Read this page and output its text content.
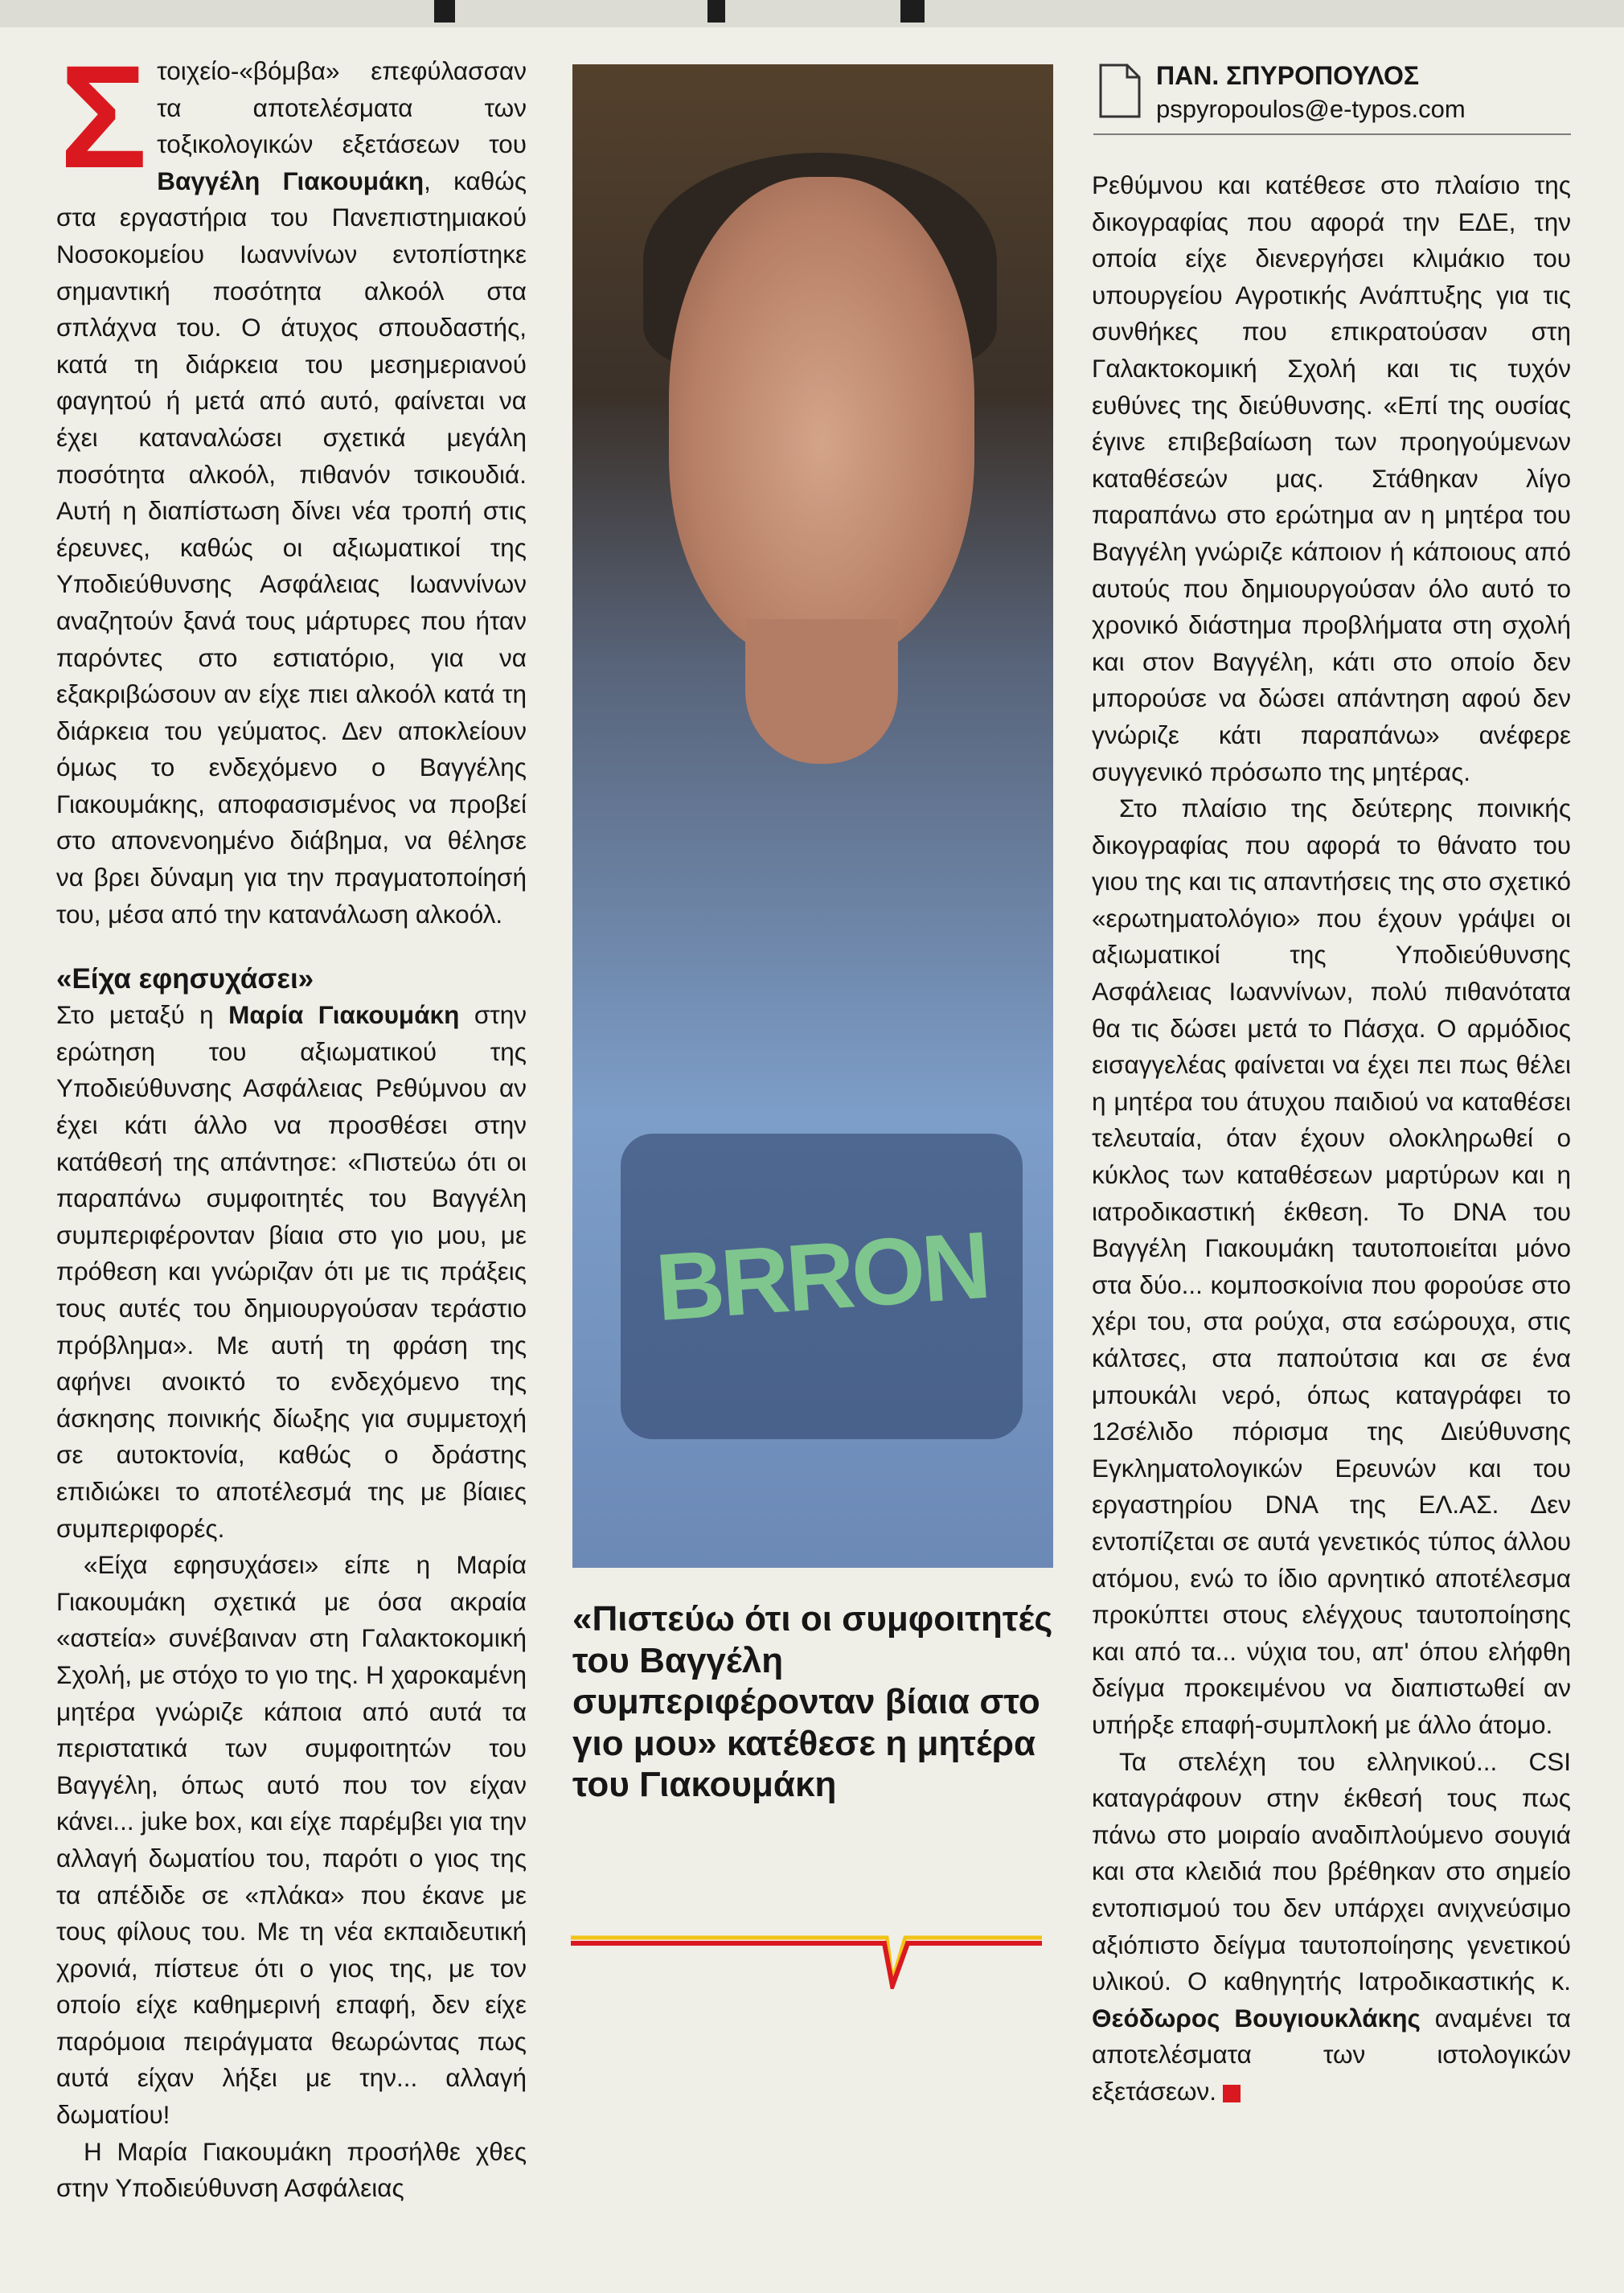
Στοιχείο-«βόμβα» επεφύλασσαν τα αποτελέσματα των τοξικολογικών εξετάσεων του Βαγγέλη Γιακουμάκη, καθώς στα εργαστήρια του Πανεπιστημιακού Νοσοκομείου Ιωαννίνων εντοπίστηκε σημαντική ποσότητα αλκοόλ στα σπλάχνα του. Ο άτυχος σπουδαστής, κατά τη διάρκεια του μεσημεριανού φαγητού ή μετά από αυτό, φαίνεται να έχει καταναλώσει σχετικά μεγάλη ποσότητα αλκοόλ, πιθανόν τσικουδιά. Αυτή η διαπίστωση δίνει νέα τροπή στις έρευνες, καθώς οι αξιωματικοί της Υποδιεύθυνσης Ασφάλειας Ιωαννίνων αναζητούν ξανά τους μάρτυρες που ήταν παρόντες στο εστιατόριο, για να εξακριβώσουν αν είχε πιει αλκοόλ κατά τη διάρκεια του γεύματος. Δεν αποκλείουν όμως το ενδεχόμενο ο Βαγγέλης Γιακουμάκης, αποφασισμένος να προβεί στο απονενοημένο διάβημα, να θέλησε να βρει δύναμη για την πραγματοποίησή του, μέσα από την κατανάλωση αλκοόλ.

«Είχα εφησυχάσει»

Στο μεταξύ η Μαρία Γιακουμάκη στην ερώτηση του αξιωματικού της Υποδιεύθυνσης Ασφάλειας Ρεθύμνου αν έχει κάτι άλλο να προσθέσει στην κατάθεσή της απάντησε: «Πιστεύω ότι οι παραπάνω συμφοιτητές του Βαγγέλη συμπεριφέρονταν βίαια στο γιο μου, με πρόθεση και γνώριζαν ότι με τις πράξεις τους αυτές του δημιουργούσαν τεράστιο πρόβλημα». Με αυτή τη φράση της αφήνει ανοικτό το ενδεχόμενο της άσκησης ποινικής δίωξης για συμμετοχή σε αυτοκτονία, καθώς ο δράστης επιδιώκει το αποτέλεσμά της με βίαιες συμπεριφορές.

«Είχα εφησυχάσει» είπε η Μαρία Γιακουμάκη σχετικά με όσα ακραία «αστεία» συνέβαιναν στη Γαλακτοκομική Σχολή, με στόχο το γιο της. Η χαροκαμένη μητέρα γνώριζε κάποια από αυτά τα περιστατικά των συμφοιτητών του Βαγγέλη, όπως αυτό που τον είχαν κάνει... juke box, και είχε παρέμβει για την αλλαγή δωματίου του, παρότι ο γιος της τα απέδιδε σε «πλάκα» που έκανε με τους φίλους του. Με τη νέα εκπαιδευτική χρονιά, πίστευε ότι ο γιος της, με τον οποίο είχε καθημερινή επαφή, δεν είχε παρόμοια πειράγματα θεωρώντας πως αυτά είχαν λήξει με την... αλλαγή δωματίου!

Η Μαρία Γιακουμάκη προσήλθε χθες στην Υποδιεύθυνση Ασφάλειας

BRRON
«Πιστεύω ότι οι συμφοιτητές του Βαγγέλη συμπεριφέρονταν βίαια στο γιο μου» κατέθεσε η μητέρα του Γιακουμάκη
ΠΑΝ. ΣΠΥΡΟΠΟΥΛΟΣ
pspyropoulos@e-typos.com

Ρεθύμνου και κατέθεσε στο πλαίσιο της δικογραφίας που αφορά την ΕΔΕ, την οποία είχε διενεργήσει κλιμάκιο του υπουργείου Αγροτικής Ανάπτυξης για τις συνθήκες που επικρατούσαν στη Γαλακτοκομική Σχολή και τις τυχόν ευθύνες της διεύθυνσης. «Επί της ουσίας έγινε επιβεβαίωση των προηγούμενων καταθέσεών μας. Στάθηκαν λίγο παραπάνω στο ερώτημα αν η μητέρα του Βαγγέλη γνώριζε κάποιον ή κάποιους από αυτούς που δημιουργούσαν όλο αυτό το χρονικό διάστημα προβλήματα στη σχολή και στον Βαγγέλη, κάτι στο οποίο δεν μπορούσε να δώσει απάντηση αφού δεν γνώριζε κάτι παραπάνω» ανέφερε συγγενικό πρόσωπο της μητέρας.

Στο πλαίσιο της δεύτερης ποινικής δικογραφίας που αφορά το θάνατο του γιου της και τις απαντήσεις της στο σχετικό «ερωτηματολόγιο» που έχουν γράψει οι αξιωματικοί της Υποδιεύθυνσης Ασφάλειας Ιωαννίνων, πολύ πιθανότατα θα τις δώσει μετά το Πάσχα. Ο αρμόδιος εισαγγελέας φαίνεται να έχει πει πως θέλει η μητέρα του άτυχου παιδιού να καταθέσει τελευταία, όταν έχουν ολοκληρωθεί ο κύκλος των καταθέσεων μαρτύρων και η ιατροδικαστική έκθεση. Το DNA του Βαγγέλη Γιακουμάκη ταυτοποιείται μόνο στα δύο... κομποσκοίνια που φορούσε στο χέρι του, στα ρούχα, στα εσώρουχα, στις κάλτσες, στα παπούτσια και σε ένα μπουκάλι νερό, όπως καταγράφει το 12σέλιδο πόρισμα της Διεύθυνσης Εγκληματολογικών Ερευνών και του εργαστηρίου DNA της ΕΛ.ΑΣ. Δεν εντοπίζεται σε αυτά γενετικός τύπος άλλου ατόμου, ενώ το ίδιο αρνητικό αποτέλεσμα προκύπτει στους ελέγχους ταυτοποίησης και από τα... νύχια του, απ' όπου ελήφθη δείγμα προκειμένου να διαπιστωθεί αν υπήρξε επαφή-συμπλοκή με άλλο άτομο.

Τα στελέχη του ελληνικού... CSI καταγράφουν στην έκθεσή τους πως πάνω στο μοιραίο αναδιπλούμενο σουγιά και στα κλειδιά που βρέθηκαν στο σημείο εντοπισμού του δεν υπάρχει ανιχνεύσιμο αξιόπιστο δείγμα ταυτοποίησης γενετικού υλικού. Ο καθηγητής Ιατροδικαστικής κ. Θεόδωρος Βουγιουκλάκης αναμένει τα αποτελέσματα των ιστολογικών εξετάσεων.
